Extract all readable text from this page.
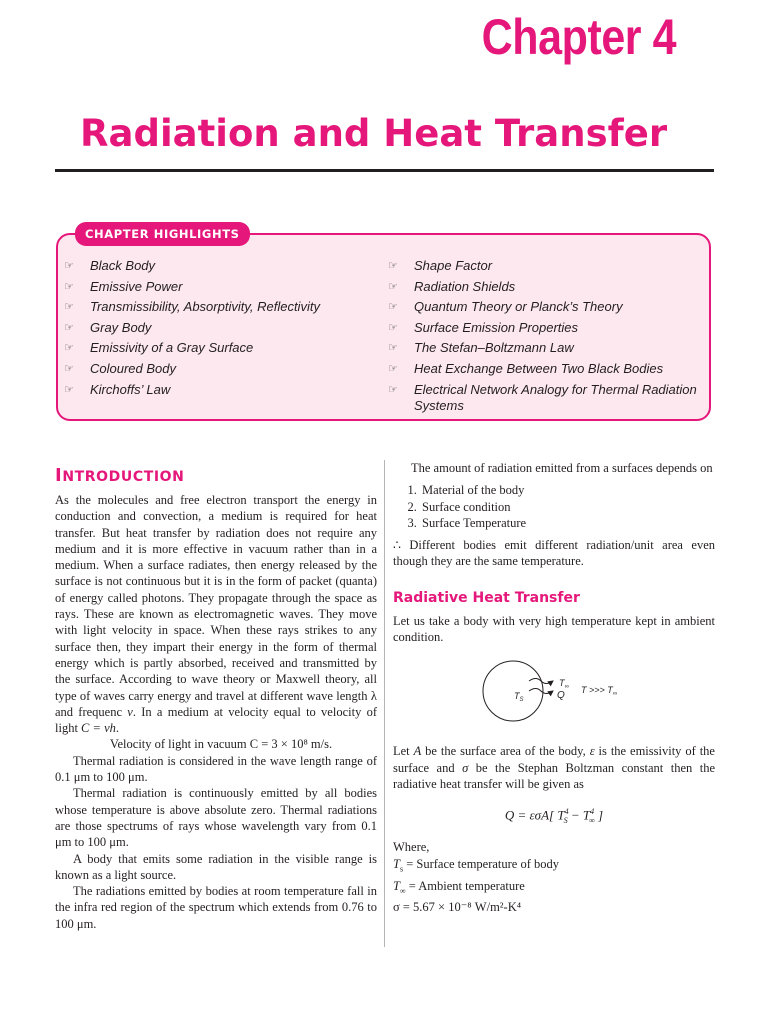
Chapter 4
Radiation and Heat Transfer
CHAPTER HIGHLIGHTS
☞ Black Body
☞ Emissive Power
☞ Transmissibility, Absorptivity, Reflectivity
☞ Gray Body
☞ Emissivity of a Gray Surface
☞ Coloured Body
☞ Kirchoffs’ Law
☞ Shape Factor
☞ Radiation Shields
☞ Quantum Theory or Planck’s Theory
☞ Surface Emission Properties
☞ The Stefan–Boltzmann Law
☞ Heat Exchange Between Two Black Bodies
☞ Electrical Network Analogy for Thermal Radiation Systems
INTRODUCTION

As the molecules and free electron transport the energy in conduction and convection, a medium is required for heat transfer. But heat transfer by radiation does not require any medium and it is more effective in vacuum rather than in a medium. When a surface radiates, then energy released by the surface is not continuous but it is in the form of packet (quanta) of energy called photons. They propagate through the space as rays. These are known as electromagnetic waves. They move with light velocity in space. When these rays strikes to any surface then, they impart their energy in the form of thermal energy which is partly absorbed, received and transmitted by the surface. According to wave theory or Maxwell theory, all type of waves carry energy and travel at different wave length λ and frequenc ν. In a medium at velocity equal to velocity of light C = νh.

Velocity of light in vacuum C = 3 × 10⁸ m/s.

Thermal radiation is considered in the wave length range of 0.1 μm to 100 μm.

Thermal radiation is continuously emitted by all bodies whose temperature is above absolute zero. Thermal radiations are those spectrums of rays whose wavelength vary from 0.1 μm to 100 μm.

A body that emits some radiation in the visible range is known as a light source.

The radiations emitted by bodies at room temperature fall in the infra red region of the spectrum which extends from 0.76 to 100 μm.

The amount of radiation emitted from a surfaces depends on

1. Material of the body
2. Surface condition
3. Surface Temperature

∴ Different bodies emit different radiation/unit area even though they are the same temperature.

Radiative Heat Transfer

Let us take a body with very high temperature kept in ambient condition.

$T_S$
$T_\infty$
Q T >>> $T_\infty$

Let A be the surface area of the body, ε is the emissivity of the surface and σ be the Stephan Boltzman constant then the radiative heat transfer will be given as

Q = εσA[ $T^4_S - T^4_\infty$ ]

Where,

$T_s$ = Surface temperature of body

$T_\infty$ = Ambient temperature

σ = 5.67 × 10⁻⁸ W/m²-K⁴
